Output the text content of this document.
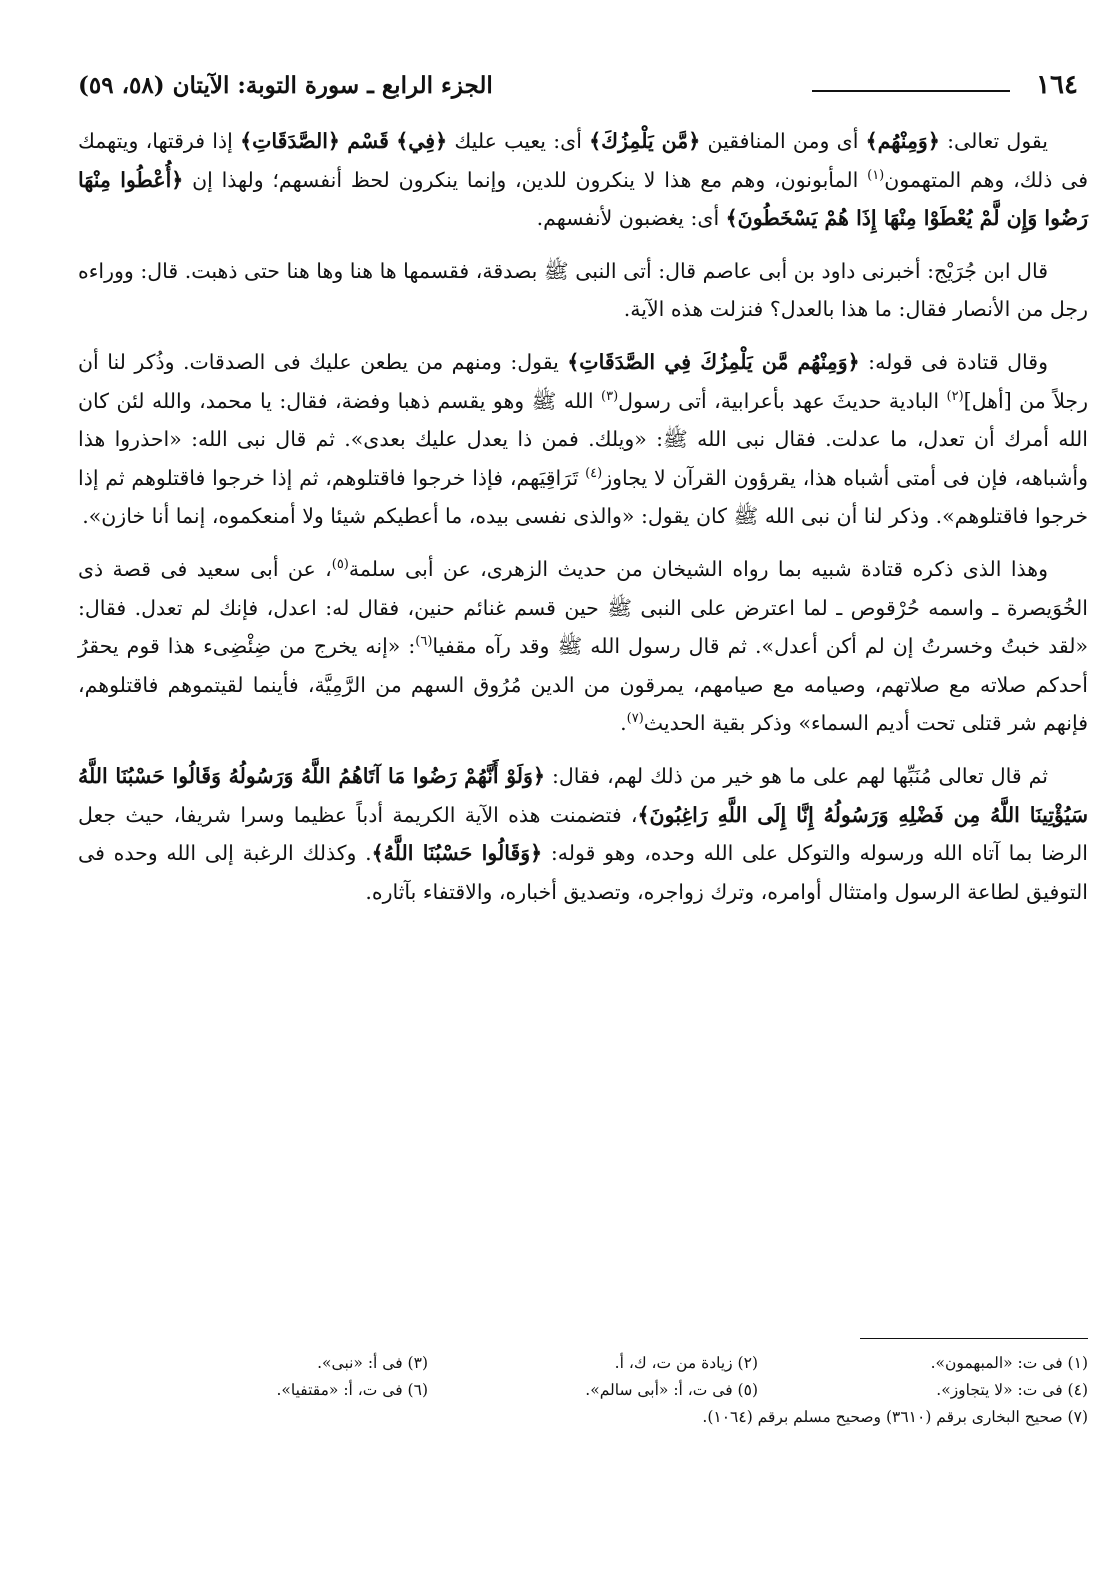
١٦٤
الجزء الرابع ـ سورة التوبة: الآيتان (٥٨، ٥٩)

يقول تعالى: ﴿وَمِنْهُم﴾ أى ومن المنافقين ﴿مَّن يَلْمِزُكَ﴾ أى: يعيب عليك ﴿فِي﴾ قَسْم ﴿الصَّدَقَاتِ﴾ إذا فرقتها، ويتهمك فى ذلك، وهم المتهمون$^{(١)}$ المأبونون، وهم مع هذا لا ينكرون للدين، وإنما ينكرون لحظ أنفسهم؛ ولهذا إن ﴿أُعْطُوا مِنْهَا رَضُوا وَإِن لَّمْ يُعْطَوْا مِنْهَا إِذَا هُمْ يَسْخَطُونَ﴾ أى: يغضبون لأنفسهم.

قال ابن جُرَيْج: أخبرنى داود بن أبى عاصم قال: أتى النبى ﷺ بصدقة، فقسمها ها هنا وها هنا حتى ذهبت. قال: ووراءه رجل من الأنصار فقال: ما هذا بالعدل؟ فنزلت هذه الآية.

وقال قتادة فى قوله: ﴿وَمِنْهُم مَّن يَلْمِزُكَ فِي الصَّدَقَاتِ﴾ يقول: ومنهم من يطعن عليك فى الصدقات. وذُكر لنا أن رجلاً من [أهل]$^{(٢)}$ البادية حديثَ عهد بأعرابية، أتى رسول$^{(٣)}$ الله ﷺ وهو يقسم ذهبا وفضة، فقال: يا محمد، والله لئن كان الله أمرك أن تعدل، ما عدلت. فقال نبى الله ﷺ: «ويلك. فمن ذا يعدل عليك بعدى». ثم قال نبى الله: «احذروا هذا وأشباهه، فإن فى أمتى أشباه هذا، يقرؤون القرآن لا يجاوز$^{(٤)}$ تَرَاقِيَهم، فإذا خرجوا فاقتلوهم، ثم إذا خرجوا فاقتلوهم ثم إذا خرجوا فاقتلوهم». وذكر لنا أن نبى الله ﷺ كان يقول: «والذى نفسى بيده، ما أعطيكم شيئا ولا أمنعكموه، إنما أنا خازن».

وهذا الذى ذكره قتادة شبيه بما رواه الشيخان من حديث الزهرى، عن أبى سلمة$^{(٥)}$، عن أبى سعيد فى قصة ذى الخُوَيصرة ـ واسمه حُرْقوص ـ لما اعترض على النبى ﷺ حين قسم غنائم حنين، فقال له: اعدل، فإنك لم تعدل. فقال: «لقد خبتُ وخسرتُ إن لم أكن أعدل». ثم قال رسول الله ﷺ وقد رآه مقفيا$^{(٦)}$: «إنه يخرج من ضِئْضِىء هذا قوم يحقرُ أحدكم صلاته مع صلاتهم، وصيامه مع صيامهم، يمرقون من الدين مُرُوق السهم من الرَّمِيَّة، فأينما لقيتموهم فاقتلوهم، فإنهم شر قتلى تحت أديم السماء» وذكر بقية الحديث$^{(٧)}$.

ثم قال تعالى مُنَبِّها لهم على ما هو خير من ذلك لهم، فقال: ﴿وَلَوْ أَنَّهُمْ رَضُوا مَا آتَاهُمُ اللَّهُ وَرَسُولُهُ وَقَالُوا حَسْبُنَا اللَّهُ سَيُؤْتِينَا اللَّهُ مِن فَضْلِهِ وَرَسُولُهُ إِنَّا إِلَى اللَّهِ رَاغِبُونَ﴾، فتضمنت هذه الآية الكريمة أدباً عظيما وسرا شريفا، حيث جعل الرضا بما آتاه الله ورسوله والتوكل على الله وحده، وهو قوله: ﴿وَقَالُوا حَسْبُنَا اللَّهُ﴾. وكذلك الرغبة إلى الله وحده فى التوفيق لطاعة الرسول وامتثال أوامره، وترك زواجره، وتصديق أخباره، والاقتفاء بآثاره.

(١) فى ت: «المبهمون».
(٢) زيادة من ت، ك، أ.
(٣) فى أ: «نبى».
(٤) فى ت: «لا يتجاوز».
(٥) فى ت، أ: «أبى سالم».
(٦) فى ت، أ: «مقتفيا».
(٧) صحيح البخارى برقم (٣٦١٠) وصحيح مسلم برقم (١٠٦٤).
